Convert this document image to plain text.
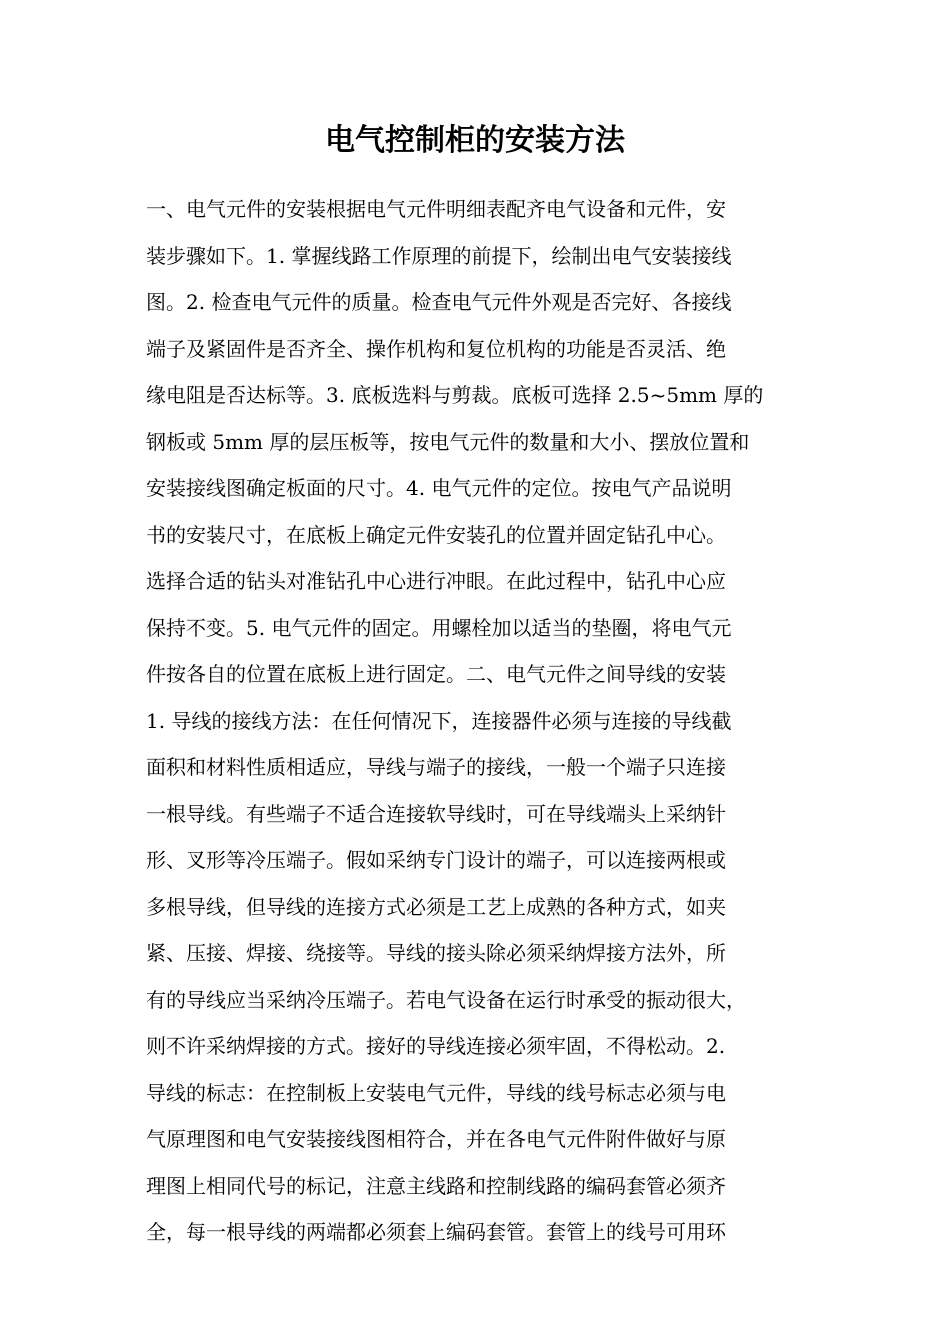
电气控制柜的安装方法
一、电气元件的安装根据电气元件明细表配齐电气设备和元件，安
装步骤如下。1. 掌握线路工作原理的前提下，绘制出电气安装接线
图。2. 检查电气元件的质量。检查电气元件外观是否完好、各接线
端子及紧固件是否齐全、操作机构和复位机构的功能是否灵活、绝
缘电阻是否达标等。3. 底板选料与剪裁。底板可选择 2.5~5mm 厚的
钢板或 5mm 厚的层压板等，按电气元件的数量和大小、摆放位置和
安装接线图确定板面的尺寸。4. 电气元件的定位。按电气产品说明
书的安装尺寸，在底板上确定元件安装孔的位置并固定钻孔中心。
选择合适的钻头对准钻孔中心进行冲眼。在此过程中，钻孔中心应
保持不变。5. 电气元件的固定。用螺栓加以适当的垫圈，将电气元
件按各自的位置在底板上进行固定。二、电气元件之间导线的安装
1. 导线的接线方法：在任何情况下，连接器件必须与连接的导线截
面积和材料性质相适应，导线与端子的接线，一般一个端子只连接
一根导线。有些端子不适合连接软导线时，可在导线端头上采纳针
形、叉形等冷压端子。假如采纳专门设计的端子，可以连接两根或
多根导线，但导线的连接方式必须是工艺上成熟的各种方式，如夹
紧、压接、焊接、绕接等。导线的接头除必须采纳焊接方法外，所
有的导线应当采纳冷压端子。若电气设备在运行时承受的振动很大，
则不许采纳焊接的方式。接好的导线连接必须牢固，不得松动。2.
导线的标志：在控制板上安装电气元件，导线的线号标志必须与电
气原理图和电气安装接线图相符合，并在各电气元件附件做好与原
理图上相同代号的标记，注意主线路和控制线路的编码套管必须齐
全，每一根导线的两端都必须套上编码套管。套管上的线号可用环
